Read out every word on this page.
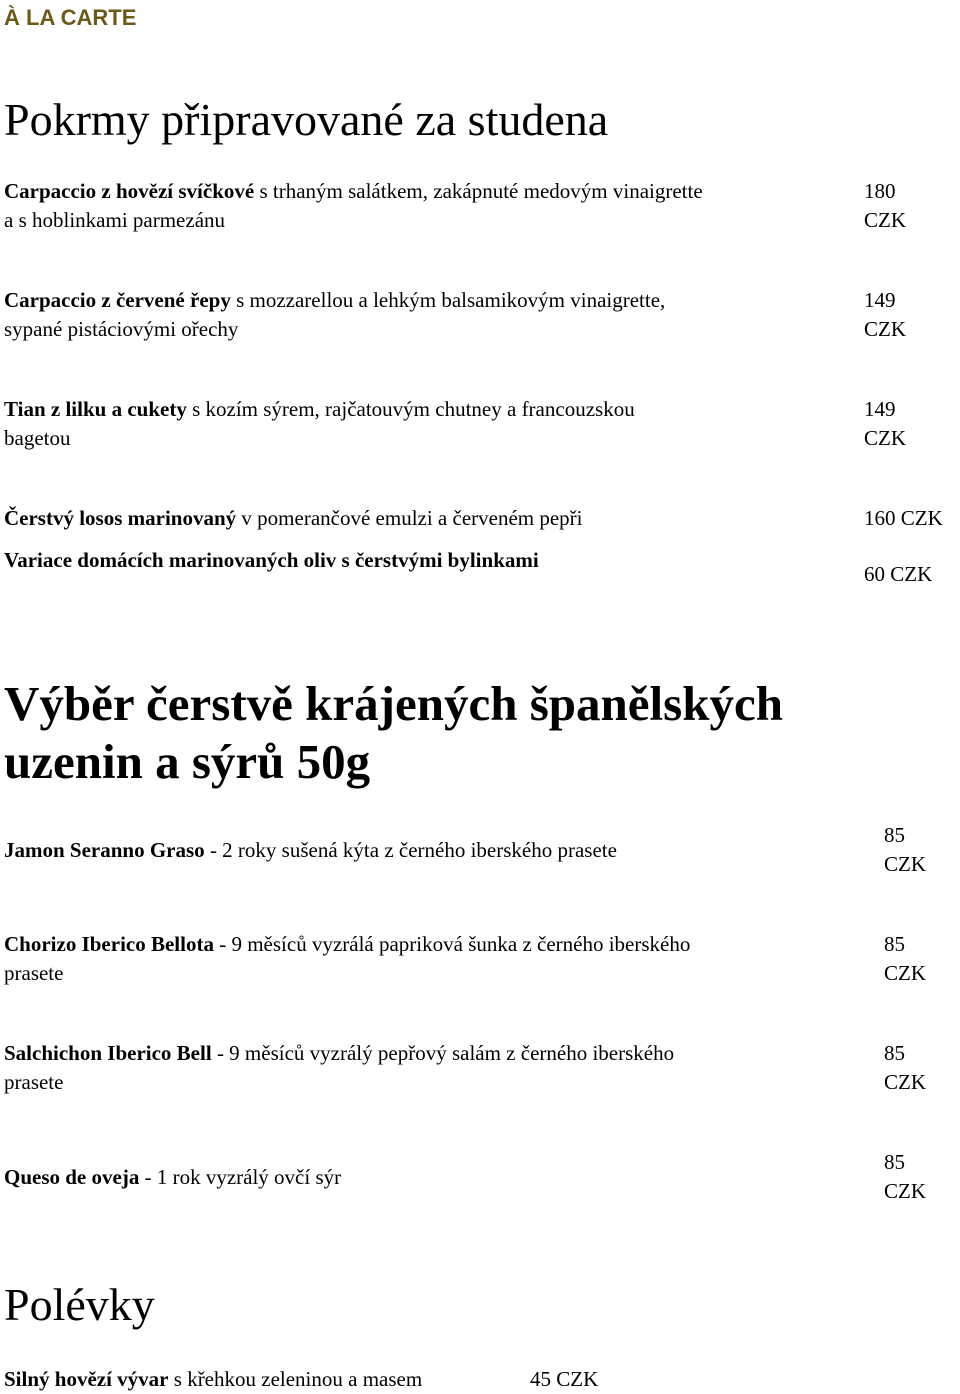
À LA CARTE
Pokrmy připravované za studena
Carpaccio z hovězí svíčkové s trhaným salátkem, zakápnuté medovým vinaigrette
a s hoblinkami parmezánu
180
CZK
Carpaccio z červené řepy s mozzarellou a lehkým balsamikovým vinaigrette,
sypané pistáciovými ořechy
149
CZK
Tian z lilku a cukety s kozím sýrem, rajčatouvým chutney a francouzskou
bagetou
149
CZK
Čerstvý losos marinovaný v pomerančové emulzi a červeném pepři	160 CZK
Variace domácích marinovaných oliv s čerstvými bylinkami
60 CZK
Výběr čerstvě krájených španělských
uzenin a sýrů 50g
Jamon Seranno Graso - 2 roky sušená kýta z černého iberského prasete
85
CZK
Chorizo Iberico Bellota - 9 měsíců vyzrálá papriková šunka z černého iberského
prasete
85
CZK
Salchichon Iberico Bell - 9 měsíců vyzrálý pepřový salám z černého iberského
prasete
85
CZK
Queso de oveja - 1 rok vyzrálý ovčí sýr
85
CZK
Polévky
Silný hovězí vývar s křehkou zeleninou a masem	45 CZK
